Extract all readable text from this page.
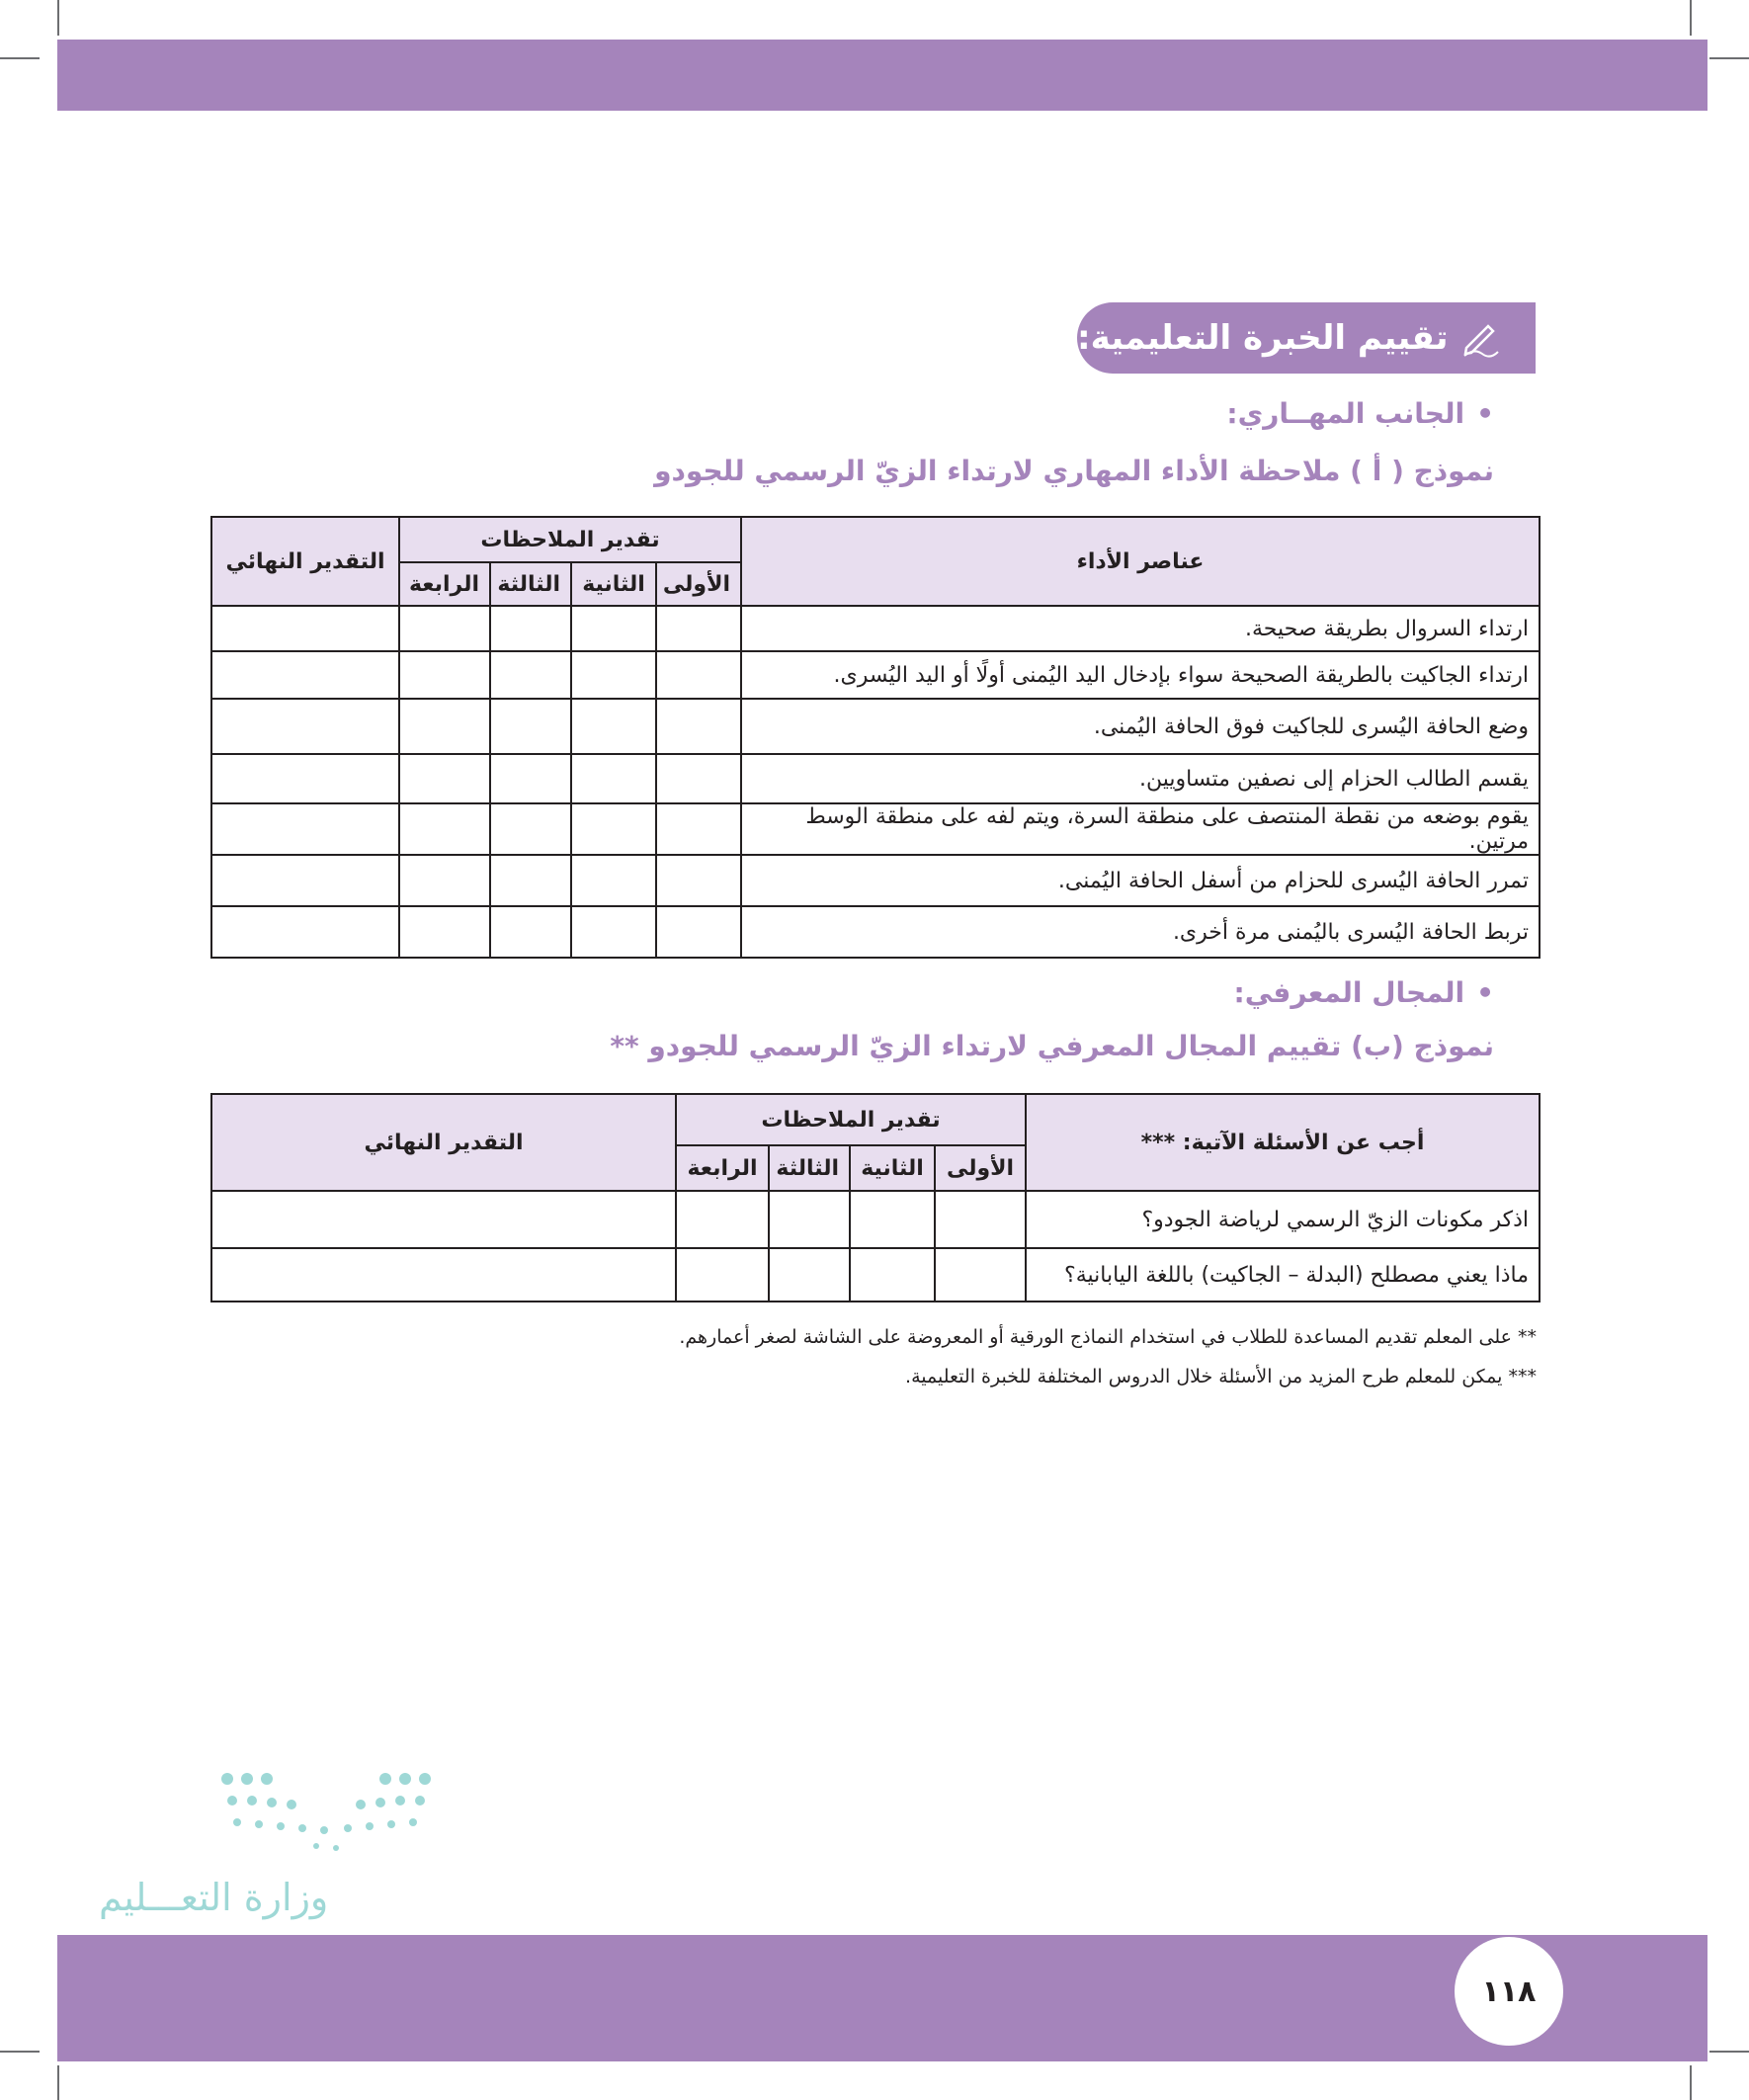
تقييم الخبرة التعليمية:
• الجانب المهــاري:
نموذج ( أ ) ملاحظة الأداء المهاري لارتداء الزيّ الرسمي للجودو
عناصر الأداء	تقدير الملاحظات				التقدير النهائي
	الأولى	الثانية	الثالثة	الرابعة	
ارتداء السروال بطريقة صحيحة.					
ارتداء الجاكيت بالطريقة الصحيحة سواء بإدخال اليد اليُمنى أولًا أو اليد اليُسرى.					
وضع الحافة اليُسرى للجاكيت فوق الحافة اليُمنى.					
يقسم الطالب الحزام إلى نصفين متساويين.					
يقوم بوضعه من نقطة المنتصف على منطقة السرة، ويتم لفه على منطقة الوسط مرتين.					
تمرر الحافة اليُسرى للحزام من أسفل الحافة اليُمنى.					
تربط الحافة اليُسرى باليُمنى مرة أخرى.					
• المجال المعرفي:
نموذج (ب) تقييم المجال المعرفي لارتداء الزيّ الرسمي للجودو **
أجب عن الأسئلة الآتية: ***	تقدير الملاحظات				التقدير النهائي
	الأولى	الثانية	الثالثة	الرابعة	
اذكر مكونات الزيّ الرسمي لرياضة الجودو؟					
ماذا يعني مصطلح (البدلة – الجاكيت) باللغة اليابانية؟					
** على المعلم تقديم المساعدة للطلاب في استخدام النماذج الورقية أو المعروضة على الشاشة لصغر أعمارهم.
*** يمكن للمعلم طرح المزيد من الأسئلة خلال الدروس المختلفة للخبرة التعليمية.
وزارة التعـــليم
١١٨
